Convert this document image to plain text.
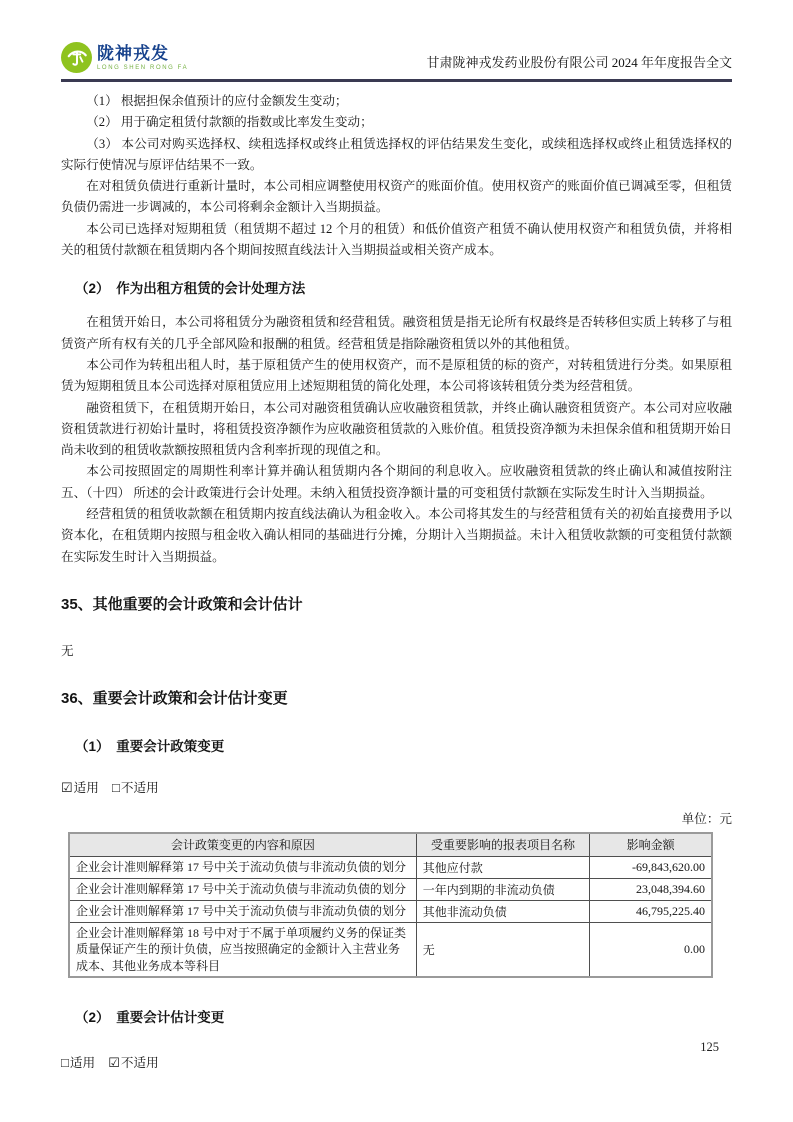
陇神戎发
LONG SHEN RONG FA	甘肃陇神戎发药业股份有限公司 2024 年年度报告全文

（1） 根据担保余值预计的应付金额发生变动；

（2） 用于确定租赁付款额的指数或比率发生变动；

（3） 本公司对购买选择权、续租选择权或终止租赁选择权的评估结果发生变化，或续租选择权或终止租赁选择权的实际行使情况与原评估结果不一致。

在对租赁负债进行重新计量时，本公司相应调整使用权资产的账面价值。使用权资产的账面价值已调减至零，但租赁负债仍需进一步调减的，本公司将剩余金额计入当期损益。

本公司已选择对短期租赁（租赁期不超过 12 个月的租赁）和低价值资产租赁不确认使用权资产和租赁负债，并将相关的租赁付款额在租赁期内各个期间按照直线法计入当期损益或相关资产成本。

（2）　作为出租方租赁的会计处理方法

在租赁开始日，本公司将租赁分为融资租赁和经营租赁。融资租赁是指无论所有权最终是否转移但实质上转移了与租赁资产所有权有关的几乎全部风险和报酬的租赁。经营租赁是指除融资租赁以外的其他租赁。

本公司作为转租出租人时，基于原租赁产生的使用权资产，而不是原租赁的标的资产，对转租赁进行分类。如果原租赁为短期租赁且本公司选择对原租赁应用上述短期租赁的简化处理，本公司将该转租赁分类为经营租赁。

融资租赁下，在租赁期开始日，本公司对融资租赁确认应收融资租赁款，并终止确认融资租赁资产。本公司对应收融资租赁款进行初始计量时，将租赁投资净额作为应收融资租赁款的入账价值。租赁投资净额为未担保余值和租赁期开始日尚未收到的租赁收款额按照租赁内含利率折现的现值之和。

本公司按照固定的周期性利率计算并确认租赁期内各个期间的利息收入。应收融资租赁款的终止确认和减值按附注五、（十四） 所述的会计政策进行会计处理。未纳入租赁投资净额计量的可变租赁付款额在实际发生时计入当期损益。

经营租赁的租赁收款额在租赁期内按直线法确认为租金收入。本公司将其发生的与经营租赁有关的初始直接费用予以资本化，在租赁期内按照与租金收入确认相同的基础进行分摊，分期计入当期损益。未计入租赁收款额的可变租赁付款额在实际发生时计入当期损益。

35、其他重要的会计政策和会计估计

无

36、重要会计政策和会计估计变更
（1）　重要会计政策变更

☑适用 □不适用

单位：元

会计政策变更的内容和原因	受重要影响的报表项目名称	影响金额
企业会计准则解释第 17 号中关于流动负债与非流动负债的划分	其他应付款	-69,843,620.00
企业会计准则解释第 17 号中关于流动负债与非流动负债的划分	一年内到期的非流动负债	23,048,394.60
企业会计准则解释第 17 号中关于流动负债与非流动负债的划分	其他非流动负债	46,795,225.40
企业会计准则解释第 18 号中对于不属于单项履约义务的保证类质量保证产生的预计负债，应当按照确定的金额计入主营业务成本、其他业务成本等科目	无	0.00
（2）　重要会计估计变更

□适用 ☑不适用

125
